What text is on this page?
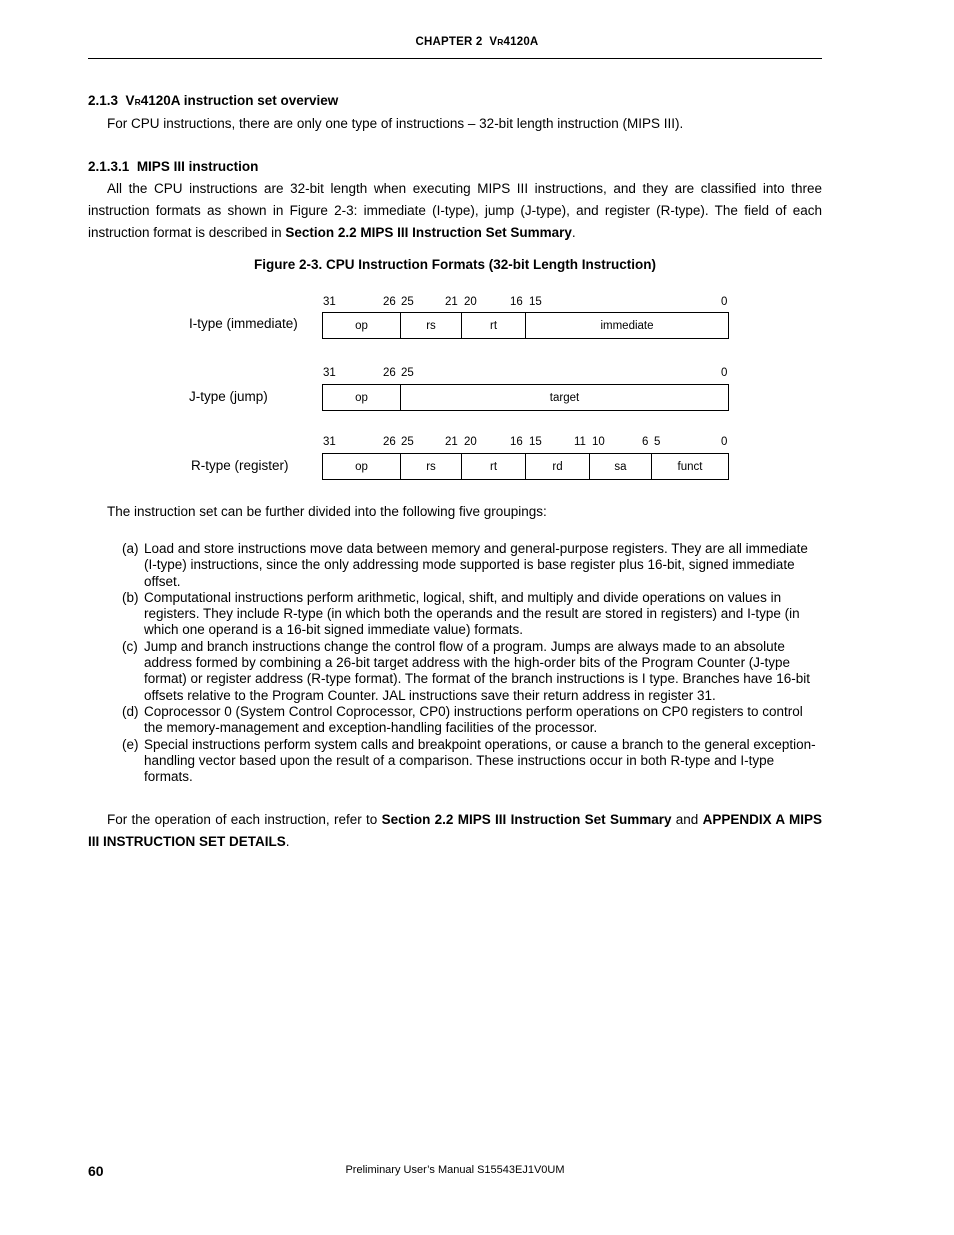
CHAPTER 2 VR4120A
2.1.3 VR4120A instruction set overview

For CPU instructions, there are only one type of instructions – 32-bit length instruction (MIPS III).

2.1.3.1 MIPS III instruction

All the CPU instructions are 32-bit length when executing MIPS III instructions, and they are classified into three instruction formats as shown in Figure 2-3: immediate (I-type), jump (J-type), and register (R-type). The field of each instruction format is described in Section 2.2 MIPS III Instruction Set Summary.

Figure 2-3. CPU Instruction Formats (32-bit Length Instruction)
I-type (immediate)
31	26 25	21 20	16 15	0
op	rs	rt	immediate
J-type (jump)
31	26 25	0
op	target
R-type (register)
31	26 25	21 20	16 15	11 10	6 5	0
op	rs	rt	rd	sa	funct

The instruction set can be further divided into the following five groupings:

(a) Load and store instructions move data between memory and general-purpose registers. They are all immediate (I-type) instructions, since the only addressing mode supported is base register plus 16-bit, signed immediate offset.
(b) Computational instructions perform arithmetic, logical, shift, and multiply and divide operations on values in registers. They include R-type (in which both the operands and the result are stored in registers) and I-type (in which one operand is a 16-bit signed immediate value) formats.
(c) Jump and branch instructions change the control flow of a program. Jumps are always made to an absolute address formed by combining a 26-bit target address with the high-order bits of the Program Counter (J-type format) or register address (R-type format). The format of the branch instructions is I type. Branches have 16-bit offsets relative to the Program Counter. JAL instructions save their return address in register 31.
(d) Coprocessor 0 (System Control Coprocessor, CP0) instructions perform operations on CP0 registers to control the memory-management and exception-handling facilities of the processor.
(e) Special instructions perform system calls and breakpoint operations, or cause a branch to the general exception-handling vector based upon the result of a comparison. These instructions occur in both R-type and I-type formats.

For the operation of each instruction, refer to Section 2.2 MIPS III Instruction Set Summary and APPENDIX A MIPS III INSTRUCTION SET DETAILS.

60	Preliminary User’s Manual S15543EJ1V0UM
